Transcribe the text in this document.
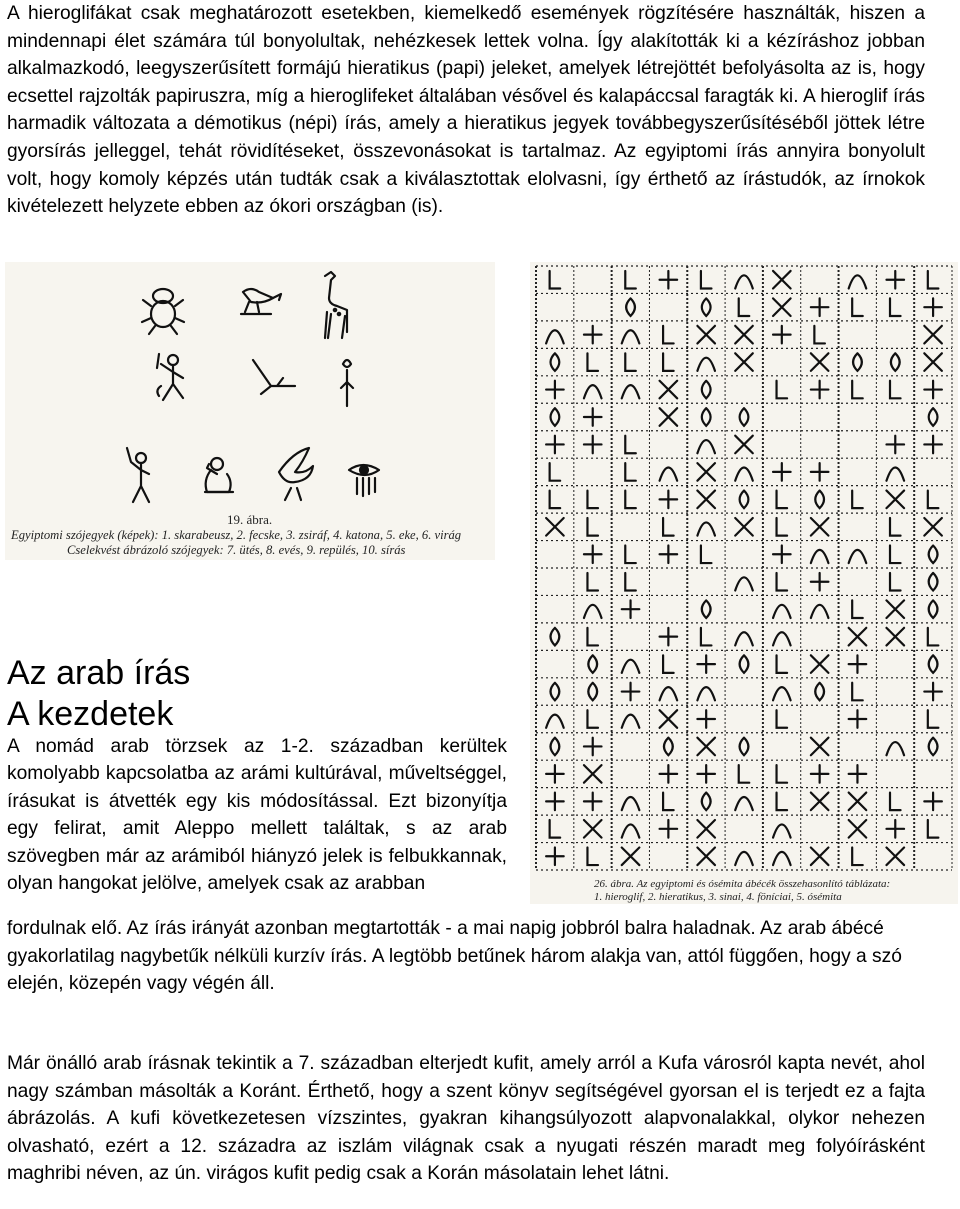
A hieroglifákat csak meghatározott esetekben, kiemelkedő események rögzítésére használták, hiszen a mindennapi élet számára túl bonyolultak, nehézkesek lettek volna. Így alakították ki a kézíráshoz jobban alkalmazkodó, leegyszerűsített formájú hieratikus (papi) jeleket, amelyek létrejöttét befolyásolta az is, hogy ecsettel rajzolták papiruszra, míg a hieroglifeket általában vésővel és kalapáccsal faragták ki. A hieroglif írás harmadik változata a démotikus (népi) írás, amely a hieratikus jegyek továbbegyszerűsítéséből jöttek létre gyorsírás jelleggel, tehát rövidítéseket, összevonásokat is tartalmaz. Az egyiptomi írás annyira bonyolult volt, hogy komoly képzés után tudták csak a kiválasztottak elolvasni, így érthető az írástudók, az írnokok kivételezett helyzete ebben az ókori országban (is).

19. ábra.
Egyiptomi szójegyek (képek): 1. skarabeusz, 2. fecske, 3. zsiráf, 4. katona, 5. eke, 6. virág
Cselekvést ábrázoló szójegyek: 7. ütés, 8. evés, 9. repülés, 10. sírás
26. ábra. Az egyiptomi és ósémita ábécék összehasonlító táblázata:
1. hieroglif, 2. hieratikus, 3. sinai, 4. föníciai, 5. ósémita
Az arab írás
A kezdetek

A nomád arab törzsek az 1-2. században kerültek komolyabb kapcsolatba az arámi kultúrával, műveltséggel, írásukat is átvették egy kis módosítással. Ezt bizonyítja egy felirat, amit Aleppo mellett találtak, s az arab szövegben már az arámiból hiányzó jelek is felbukkannak, olyan hangokat jelölve, amelyek csak az arabban

fordulnak elő. Az írás irányát azonban megtartották - a mai napig jobbról balra haladnak. Az arab ábécé gyakorlatilag nagybetűk nélküli kurzív írás. A legtöbb betűnek három alakja van, attól függően, hogy a szó elején, közepén vagy végén áll.

Már önálló arab írásnak tekintik a 7. században elterjedt kufit, amely arról a Kufa városról kapta nevét, ahol nagy számban másolták a Koránt. Érthető, hogy a szent könyv segítségével gyorsan el is terjedt ez a fajta ábrázolás. A kufi következetesen vízszintes, gyakran kihangsúlyozott alapvonalakkal, olykor nehezen olvasható, ezért a 12. századra az iszlám világnak csak a nyugati részén maradt meg folyóírásként maghribi néven, az ún. virágos kufit pedig csak a Korán másolatain lehet látni.
